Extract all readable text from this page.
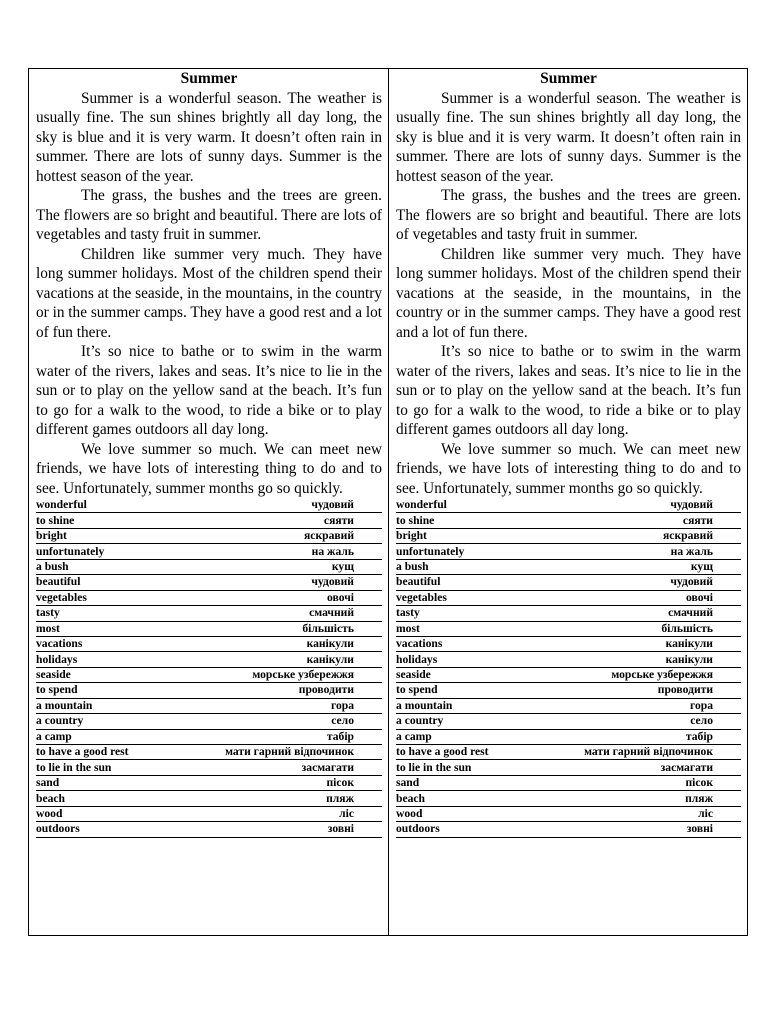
Summer

Summer is a wonderful season. The weather is usually fine. The sun shines brightly all day long, the sky is blue and it is very warm. It doesn’t often rain in summer. There are lots of sunny days. Summer is the hottest season of the year.

The grass, the bushes and the trees are green. The flowers are so bright and beautiful. There are lots of vegetables and tasty fruit in summer.

Children like summer very much. They have long summer holidays. Most of the children spend their vacations at the seaside, in the mountains, in the country or in the summer camps. They have a good rest and a lot of fun there.

It’s so nice to bathe or to swim in the warm water of the rivers, lakes and seas. It’s nice to lie in the sun or to play on the yellow sand at the beach. It’s fun to go for a walk to the wood, to ride a bike or to play different games outdoors all day long.

We love summer so much. We can meet new friends, we have lots of interesting thing to do and to see. Unfortunately, summer months go so quickly.

wonderful	чудовий
to shine	сяяти
bright	яскравий
unfortunately	на жаль
a bush	кущ
beautiful	чудовий
vegetables	овочі
tasty	смачний
most	більшість
vacations	канікули
holidays	канікули
seaside	морське узбережжя
to spend	проводити
a mountain	гора
a country	село
a camp	табір
to have a good rest	мати гарний відпочинок
to lie in the sun	засмагати
sand	пісок
beach	пляж
wood	ліс
outdoors	зовні
Summer

Summer is a wonderful season. The weather is usually fine. The sun shines brightly all day long, the sky is blue and it is very warm. It doesn’t often rain in summer. There are lots of sunny days. Summer is the hottest season of the year.

The grass, the bushes and the trees are green. The flowers are so bright and beautiful. There are lots of vegetables and tasty fruit in summer.

Children like summer very much. They have long summer holidays. Most of the children spend their vacations at the seaside, in the mountains, in the country or in the summer camps. They have a good rest and a lot of fun there.

It’s so nice to bathe or to swim in the warm water of the rivers, lakes and seas. It’s nice to lie in the sun or to play on the yellow sand at the beach. It’s fun to go for a walk to the wood, to ride a bike or to play different games outdoors all day long.

We love summer so much. We can meet new friends, we have lots of interesting thing to do and to see. Unfortunately, summer months go so quickly.

wonderful	чудовий
to shine	сяяти
bright	яскравий
unfortunately	на жаль
a bush	кущ
beautiful	чудовий
vegetables	овочі
tasty	смачний
most	більшість
vacations	канікули
holidays	канікули
seaside	морське узбережжя
to spend	проводити
a mountain	гора
a country	село
a camp	табір
to have a good rest	мати гарний відпочинок
to lie in the sun	засмагати
sand	пісок
beach	пляж
wood	ліс
outdoors	зовні
